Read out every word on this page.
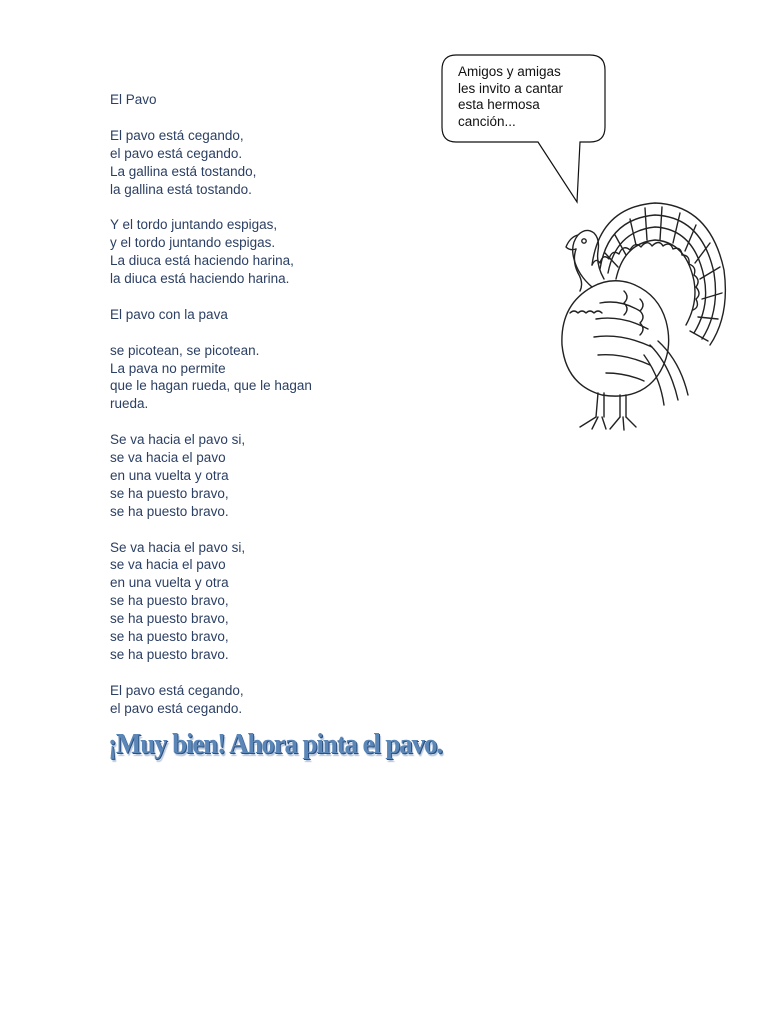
El Pavo
El pavo está cegando,
el pavo está cegando.
La gallina está tostando,
la gallina está tostando.
Y el tordo juntando espigas,
y el tordo juntando espigas.
La diuca está haciendo harina,
la diuca está haciendo harina.
El pavo con la pava
se picotean, se picotean.
La pava no permite
que le hagan rueda, que le hagan
rueda.
Se va hacia el pavo si,
se va hacia el pavo
en una vuelta y otra
se ha puesto bravo,
se ha puesto bravo.
Se va hacia el pavo si,
se va hacia el pavo
en una vuelta y otra
se ha puesto bravo,
se ha puesto bravo,
se ha puesto bravo,
se ha puesto bravo.
El pavo está cegando,
el pavo está cegando.
Amigos y amigas
les invito a cantar
esta hermosa
canción...
¡Muy bien! Ahora pinta el pavo.
